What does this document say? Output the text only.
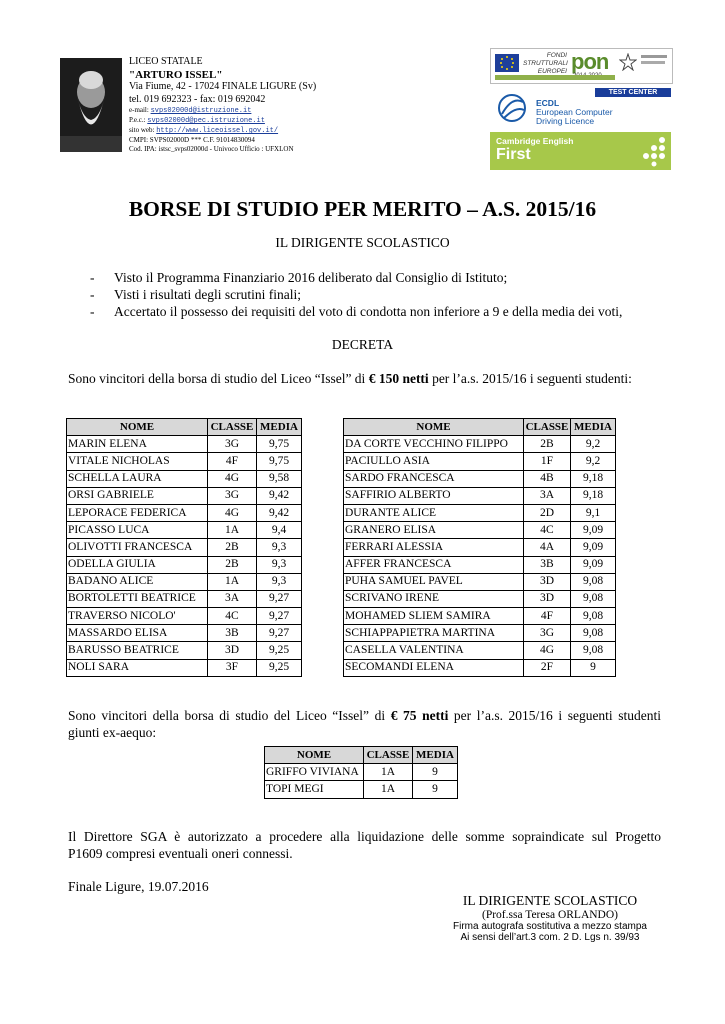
LICEO STATALE
"ARTURO ISSEL"
Via Fiume, 42 - 17024 FINALE LIGURE (Sv)
tel. 019 692323 - fax: 019 692042
e-mail: svps02000d@istruzione.it
P.e.c.: svps02000d@pec.istruzione.it
sito web: http://www.liceoissel.gov.it/
CMPI: SVPS02000D *** C.F. 91014830094
Cod. IPA: istsc_svps02000d - Univoco Ufficio : UFXLON
FONDI STRUTTURALI EUROPEI pon
TEST CENTER
ECDL
European Computer
Driving Licence
Cambridge English
First
BORSE DI STUDIO PER MERITO – A.S. 2015/16
IL DIRIGENTE SCOLASTICO
- Visto il Programma Finanziario 2016 deliberato dal Consiglio di Istituto;
- Visti i risultati degli scrutini finali;
- Accertato il possesso dei requisiti del voto di condotta non inferiore a 9 e della media dei voti,
DECRETA
Sono vincitori della borsa di studio del Liceo “Issel” di € 150 netti per l’a.s. 2015/16 i seguenti studenti:
NOME	CLASSE	MEDIA
MARIN ELENA	3G	9,75
VITALE NICHOLAS	4F	9,75
SCHELLA LAURA	4G	9,58
ORSI GABRIELE	3G	9,42
LEPORACE FEDERICA	4G	9,42
PICASSO LUCA	1A	9,4
OLIVOTTI FRANCESCA	2B	9,3
ODELLA GIULIA	2B	9,3
BADANO ALICE	1A	9,3
BORTOLETTI BEATRICE	3A	9,27
TRAVERSO NICOLO'	4C	9,27
MASSARDO ELISA	3B	9,27
BARUSSO BEATRICE	3D	9,25
NOLI SARA	3F	9,25
NOME	CLASSE	MEDIA
DA CORTE VECCHINO FILIPPO	2B	9,2
PACIULLO ASIA	1F	9,2
SARDO FRANCESCA	4B	9,18
SAFFIRIO ALBERTO	3A	9,18
DURANTE ALICE	2D	9,1
GRANERO ELISA	4C	9,09
FERRARI ALESSIA	4A	9,09
AFFER FRANCESCA	3B	9,09
PUHA SAMUEL PAVEL	3D	9,08
SCRIVANO IRENE	3D	9,08
MOHAMED SLIEM SAMIRA	4F	9,08
SCHIAPPAPIETRA MARTINA	3G	9,08
CASELLA VALENTINA	4G	9,08
SECOMANDI ELENA	2F	9
Sono vincitori della borsa di studio del Liceo “Issel” di € 75 netti per l’a.s. 2015/16 i seguenti studenti
giunti ex-aequo:
NOME	CLASSE	MEDIA
GRIFFO VIVIANA	1A	9
TOPI MEGI	1A	9
Il Direttore SGA è autorizzato a procedere alla liquidazione delle somme sopraindicate sul Progetto
P1609 compresi eventuali oneri connessi.
Finale Ligure, 19.07.2016
IL DIRIGENTE SCOLASTICO
(Prof.ssa Teresa ORLANDO)
Firma autografa sostitutiva a mezzo stampa
Ai sensi dell’art.3 com. 2 D. Lgs n. 39/93
